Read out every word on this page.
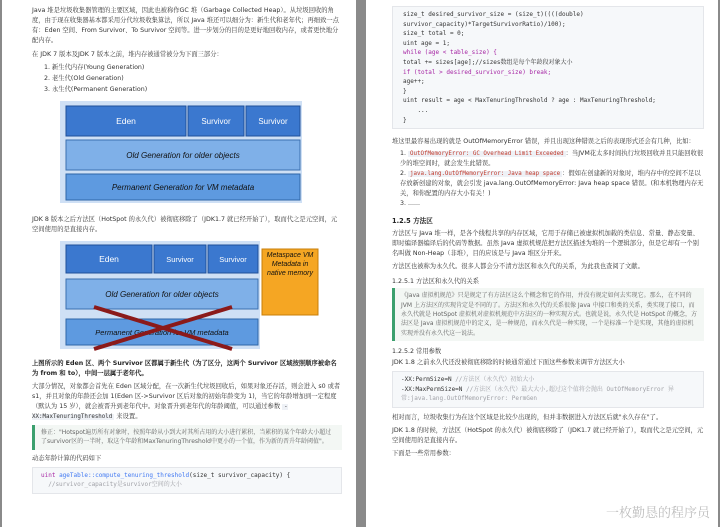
Java 堆是垃圾收集器管理的主要区域，因此也被称作GC 堆（Garbage Collected Heap）。从垃圾回收的角度，由于现在收集器基本都采用分代垃圾收集算法，所以 Java 堆还可以细分为：新生代和老年代；再细致一点有：Eden 空间、From Survivor、To Survivor 空间等。进一步划分的目的是更好地回收内存，或者更快地分配内存。

在 JDK 7 版本及JDK 7 版本之前，堆内存被通常被分为下面三部分：

1. 新生代内存(Young Generation)

2. 老生代(Old Generation)

3. 永生代(Permanent Generation)

Eden	Survivor	Survivor
Old Generation for older objects
Permanent Generation for VM metadata

JDK 8 版本之后方法区（HotSpot 的永久代）被彻底移除了（JDK1.7 就已经开始了），取而代之是元空间，元空间使用的是直接内存。

Eden	Survivor	Survivor
Old Generation for older objects
Permanent Generation for VM metadata
Metaspace VM Metadata in native memory

上图所示的 Eden 区、两个 Survivor 区都属于新生代（为了区分，这两个 Survivor 区域按照顺序被命名为 from 和 to），中间一层属于老年代。

大部分情况，对象都会首先在 Eden 区域分配，在一次新生代垃圾回收后，如果对象还存活，则会进入 s0 或者 s1，并且对象的年龄还会加 1(Eden 区->Survivor 区后对象的初始年龄变为 1)，当它的年龄增加到一定程度（默认为 15 岁），就会被晋升到老年代中。对象晋升到老年代的年龄阈值，可以通过参数 -XX:MaxTenuringThreshold 来设置。

修正："Hotspot遍历所有对象时，按照年龄从小到大对其所占用的大小进行累积，当累积的某个年龄大小超过了survivor区的一半时，取这个年龄和MaxTenuringThreshold中更小的一个值，作为新的晋升年龄阈值"。

动态年龄计算的代码如下

uint ageTable::compute_tenuring_threshold(size_t survivor_capacity) {
//survivor_capacity是survivor空间的大小
size_t desired_survivor_size = (size_t)((((double)
survivor_capacity)*TargetSurvivorRatio)/100);
size_t total = 0;
uint age = 1;
while (age < table_size) {
total += sizes[age];//sizes数组是每个年龄段对象大小
if (total > desired_survivor_size) break;
age++;
}
uint result = age < MaxTenuringThreshold ? age : MaxTenuringThreshold;
...
}

堆这里最容易出现的就是 OutOfMemoryError 错误，并且出现这种错误之后的表现形式还会有几种，比如：

1. OutOfMemoryError: GC Overhead Limit Exceeded ：当JVM花太多时间执行垃圾回收并且只能回收很少的堆空间时，就会发生此错误。

2. java.lang.OutOfMemoryError: Java heap space ：假如在创建新的对象时，堆内存中的空间不足以存放新创建的对象，就会引发 java.lang.OutOfMemoryError: Java heap space 错误。(和本机物理内存无关，和你配置的内存大小有关！)

3. ......

1.2.5 方法区

方法区与 Java 堆一样，是各个线程共享的内存区域，它用于存储已被虚拟机加载的类信息、常量、静态变量、即时编译器编译后的代码等数据。虽然 Java 虚拟机规范把方法区描述为堆的一个逻辑部分，但是它却有一个别名叫做 Non-Heap（非堆），目的应该是与 Java 堆区分开来。

方法区也被称为永久代。很多人都会分不清方法区和永久代的关系，为此我也查阅了文献。

1.2.5.1 方法区和永久代的关系

《Java 虚拟机规范》只是规定了有方法区这么个概念和它的作用，并没有规定如何去实现它。那么，在不同的 JVM 上方法区的实现肯定是不同的了。方法区和永久代的关系很像 Java 中接口和类的关系，类实现了接口，而永久代就是 HotSpot 虚拟机对虚拟机规范中方法区的一种实现方式。也就是说，永久代是 HotSpot 的概念，方法区是 Java 虚拟机规范中的定义，是一种规范，而永久代是一种实现，一个是标准一个是实现，其他的虚拟机实现并没有永久代这一说法。

1.2.5.2 常用参数

JDK 1.8 之前永久代还没被彻底移除的时候通常通过下面这些参数来调节方法区大小

-XX:PermSize=N //方法区（永久代）初始大小
-XX:MaxPermSize=N //方法区（永久代）最大大小,超过这个值将会抛出 OutOfMemoryError 异常:java.lang.OutOfMemoryError: PermGen

相对而言，垃圾收集行为在这个区域是比较少出现的，但并非数据进入方法区后就"永久存在"了。

JDK 1.8 的时候，方法区（HotSpot 的永久代）被彻底移除了（JDK1.7 就已经开始了），取而代之是元空间，元空间使用的是直接内存。

下面是一些常用参数：

一枚勤恳的程序员
